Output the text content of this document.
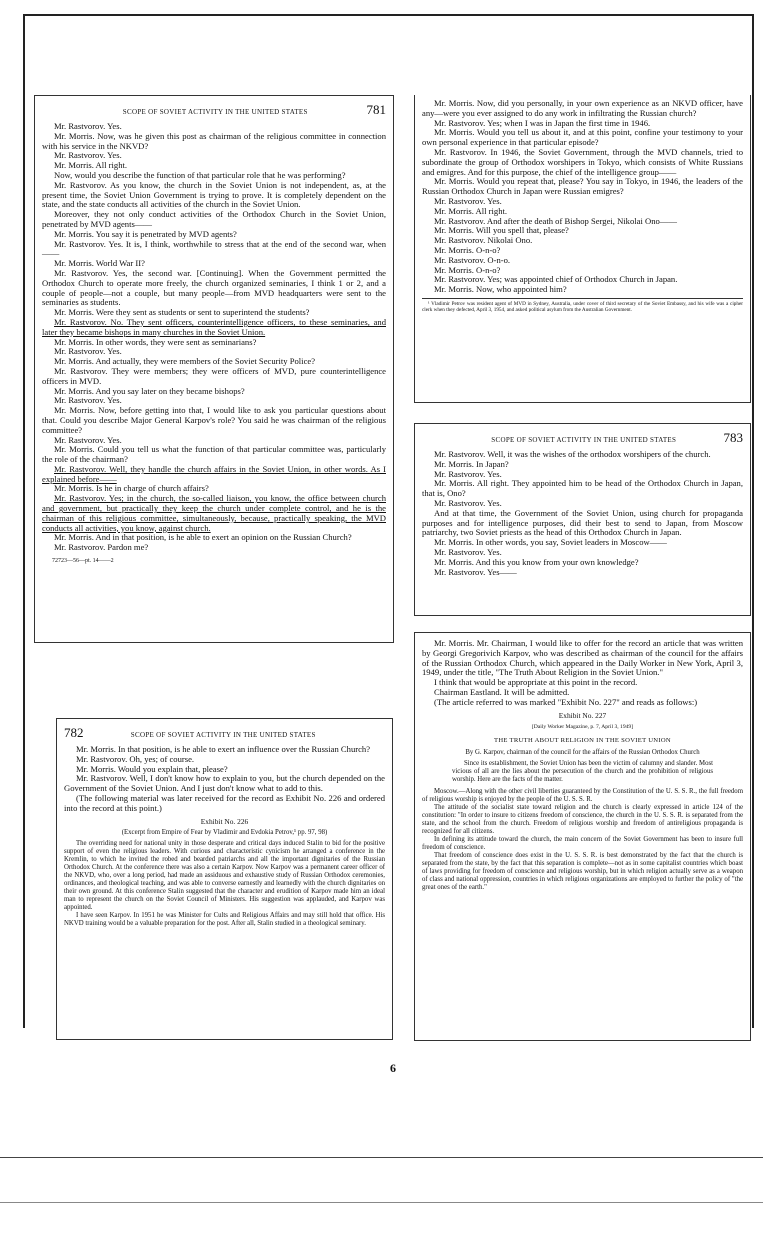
SCOPE OF SOVIET ACTIVITY IN THE UNITED STATES	781

Mr. Rastvorov. Yes.

Mr. Morris. Now, was he given this post as chairman of the religious committee in connection with his service in the NKVD?

Mr. Rastvorov. Yes.

Mr. Morris. All right.

Now, would you describe the function of that particular role that he was performing?

Mr. Rastvorov. As you know, the church in the Soviet Union is not independent, as, at the present time, the Soviet Union Government is trying to prove. It is completely dependent on the state, and the state conducts all activities of the church in the Soviet Union.

Moreover, they not only conduct activities of the Orthodox Church in the Soviet Union, penetrated by MVD agents——

Mr. Morris. You say it is penetrated by MVD agents?

Mr. Rastvorov. Yes. It is, I think, worthwhile to stress that at the end of the second war, when——

Mr. Morris. World War II?

Mr. Rastvorov. Yes, the second war. [Continuing]. When the Government permitted the Orthodox Church to operate more freely, the church organized seminaries, I think 1 or 2, and a couple of people—not a couple, but many people—from MVD headquarters were sent to the seminaries as students.

Mr. Morris. Were they sent as students or sent to superintend the students?

Mr. Rastvorov. No. They sent officers, counterintelligence officers, to these seminaries, and later they became bishops in many churches in the Soviet Union.

Mr. Morris. In other words, they were sent as seminarians?

Mr. Rastvorov. Yes.

Mr. Morris. And actually, they were members of the Soviet Security Police?

Mr. Rastvorov. They were members; they were officers of MVD, pure counterintelligence officers in MVD.

Mr. Morris. And you say later on they became bishops?

Mr. Rastvorov. Yes.

Mr. Morris. Now, before getting into that, I would like to ask you particular questions about that. Could you describe Major General Karpov's role? You said he was chairman of the religious committee?

Mr. Rastvorov. Yes.

Mr. Morris. Could you tell us what the function of that particular committee was, particularly the role of the chairman?

Mr. Rastvorov. Well, they handle the church affairs in the Soviet Union, in other words. As I explained before——

Mr. Morris. Is he in charge of church affairs?

Mr. Rastvorov. Yes; in the church, the so-called liaison, you know, the office between church and government, but practically they keep the church under complete control, and he is the chairman of this religious committee, simultaneously, because, practically speaking, the MVD conducts all activities, you know, against church.

Mr. Morris. And in that position, is he able to exert an opinion on the Russian Church?

Mr. Rastvorov. Pardon me?

72723—56—pt. 14——2

782	SCOPE OF SOVIET ACTIVITY IN THE UNITED STATES

Mr. Morris. In that position, is he able to exert an influence over the Russian Church?

Mr. Rastvorov. Oh, yes; of course.

Mr. Morris. Would you explain that, please?

Mr. Rastvorov. Well, I don't know how to explain to you, but the church depended on the Government of the Soviet Union. And I just don't know what to add to this.

(The following material was later received for the record as Exhibit No. 226 and ordered into the record at this point.)

Exhibit No. 226

(Excerpt from Empire of Fear by Vladimir and Evdokia Petrov,¹ pp. 97, 98)

The overriding need for national unity in those desperate and critical days induced Stalin to bid for the positive support of even the religious leaders. With curious and characteristic cynicism he arranged a conference in the Kremlin, to which he invited the robed and bearded patriarchs and all the important dignitaries of the Russian Orthodox Church. At the conference there was also a certain Karpov. Now Karpov was a permanent career officer of the NKVD, who, over a long period, had made an assiduous and exhaustive study of Russian Orthodox ceremonies, ordinances, and theological teaching, and was able to converse earnestly and learnedly with the church dignitaries on their own ground. At this conference Stalin suggested that the character and erudition of Karpov made him an ideal man to represent the church on the Soviet Council of Ministers. His suggestion was applauded, and Karpov was appointed.

I have seen Karpov. In 1951 he was Minister for Cults and Religious Affairs and may still hold that office. His NKVD training would be a valuable preparation for the post. After all, Stalin studied in a theological seminary.

Mr. Morris. Now, did you personally, in your own experience as an NKVD officer, have any—were you ever assigned to do any work in infiltrating the Russian church?

Mr. Rastvorov. Yes; when I was in Japan the first time in 1946.

Mr. Morris. Would you tell us about it, and at this point, confine your testimony to your own personal experience in that particular episode?

Mr. Rastvorov. In 1946, the Soviet Government, through the MVD channels, tried to subordinate the group of Orthodox worshipers in Tokyo, which consists of White Russians and emigres. And for this purpose, the chief of the intelligence group——

Mr. Morris. Would you repeat that, please? You say in Tokyo, in 1946, the leaders of the Russian Orthodox Church in Japan were Russian emigres?

Mr. Rastvorov. Yes.

Mr. Morris. All right.

Mr. Rastvorov. And after the death of Bishop Sergei, Nikolai Ono——

Mr. Morris. Will you spell that, please?

Mr. Rastvorov. Nikolai Ono.

Mr. Morris. O-n-o?

Mr. Rastvorov. O-n-o.

Mr. Morris. O-n-o?

Mr. Rastvorov. Yes; was appointed chief of Orthodox Church in Japan.

Mr. Morris. Now, who appointed him?

¹ Vladimir Petrov was resident agent of MVD in Sydney, Australia, under cover of third secretary of the Soviet Embassy, and his wife was a cipher clerk when they defected, April 3, 1954, and asked political asylum from the Australian Government.

SCOPE OF SOVIET ACTIVITY IN THE UNITED STATES	783

Mr. Rastvorov. Well, it was the wishes of the orthodox worshipers of the church.

Mr. Morris. In Japan?

Mr. Rastvorov. Yes.

Mr. Morris. All right. They appointed him to be head of the Orthodox Church in Japan, that is, Ono?

Mr. Rastvorov. Yes.

And at that time, the Government of the Soviet Union, using church for propaganda purposes and for intelligence purposes, did their best to send to Japan, from Moscow patriarchy, two Soviet priests as the head of this Orthodox Church in Japan.

Mr. Morris. In other words, you say, Soviet leaders in Moscow——

Mr. Rastvorov. Yes.

Mr. Morris. And this you know from your own knowledge?

Mr. Rastvorov. Yes——

Mr. Morris. Mr. Chairman, I would like to offer for the record an article that was written by Georgi Gregorivich Karpov, who was described as chairman of the council for the affairs of the Russian Orthodox Church, which appeared in the Daily Worker in New York, April 3, 1949, under the title, "The Truth About Religion in the Soviet Union."

I think that would be appropriate at this point in the record.

Chairman Eastland. It will be admitted.

(The article referred to was marked "Exhibit No. 227" and reads as follows:)

Exhibit No. 227

[Daily Worker Magazine, p. 7, April 3, 1949]

THE TRUTH ABOUT RELIGION IN THE SOVIET UNION

By G. Karpov, chairman of the council for the affairs of the Russian Orthodox Church

Since its establishment, the Soviet Union has been the victim of calumny and slander. Most vicious of all are the lies about the persecution of the church and the prohibition of religious worship. Here are the facts of the matter.

Moscow.—Along with the other civil liberties guaranteed by the Constitution of the U. S. S. R., the full freedom of religious worship is enjoyed by the people of the U. S. S. R.

The attitude of the socialist state toward religion and the church is clearly expressed in article 124 of the constitution: "In order to insure to citizens freedom of conscience, the church in the U. S. S. R. is separated from the state, and the school from the church. Freedom of religious worship and freedom of antireligious propaganda is recognized for all citizens.

In defining its attitude toward the church, the main concern of the Soviet Government has been to insure full freedom of conscience.

That freedom of conscience does exist in the U. S. S. R. is best demonstrated by the fact that the church is separated from the state, by the fact that this separation is complete—not as in some capitalist countries which boast of laws providing for freedom of conscience and religious worship, but in which religion actually serve as a weapon of class and national oppression, countries in which religious organizations are employed to further the policy of "the great ones of the earth."

6
